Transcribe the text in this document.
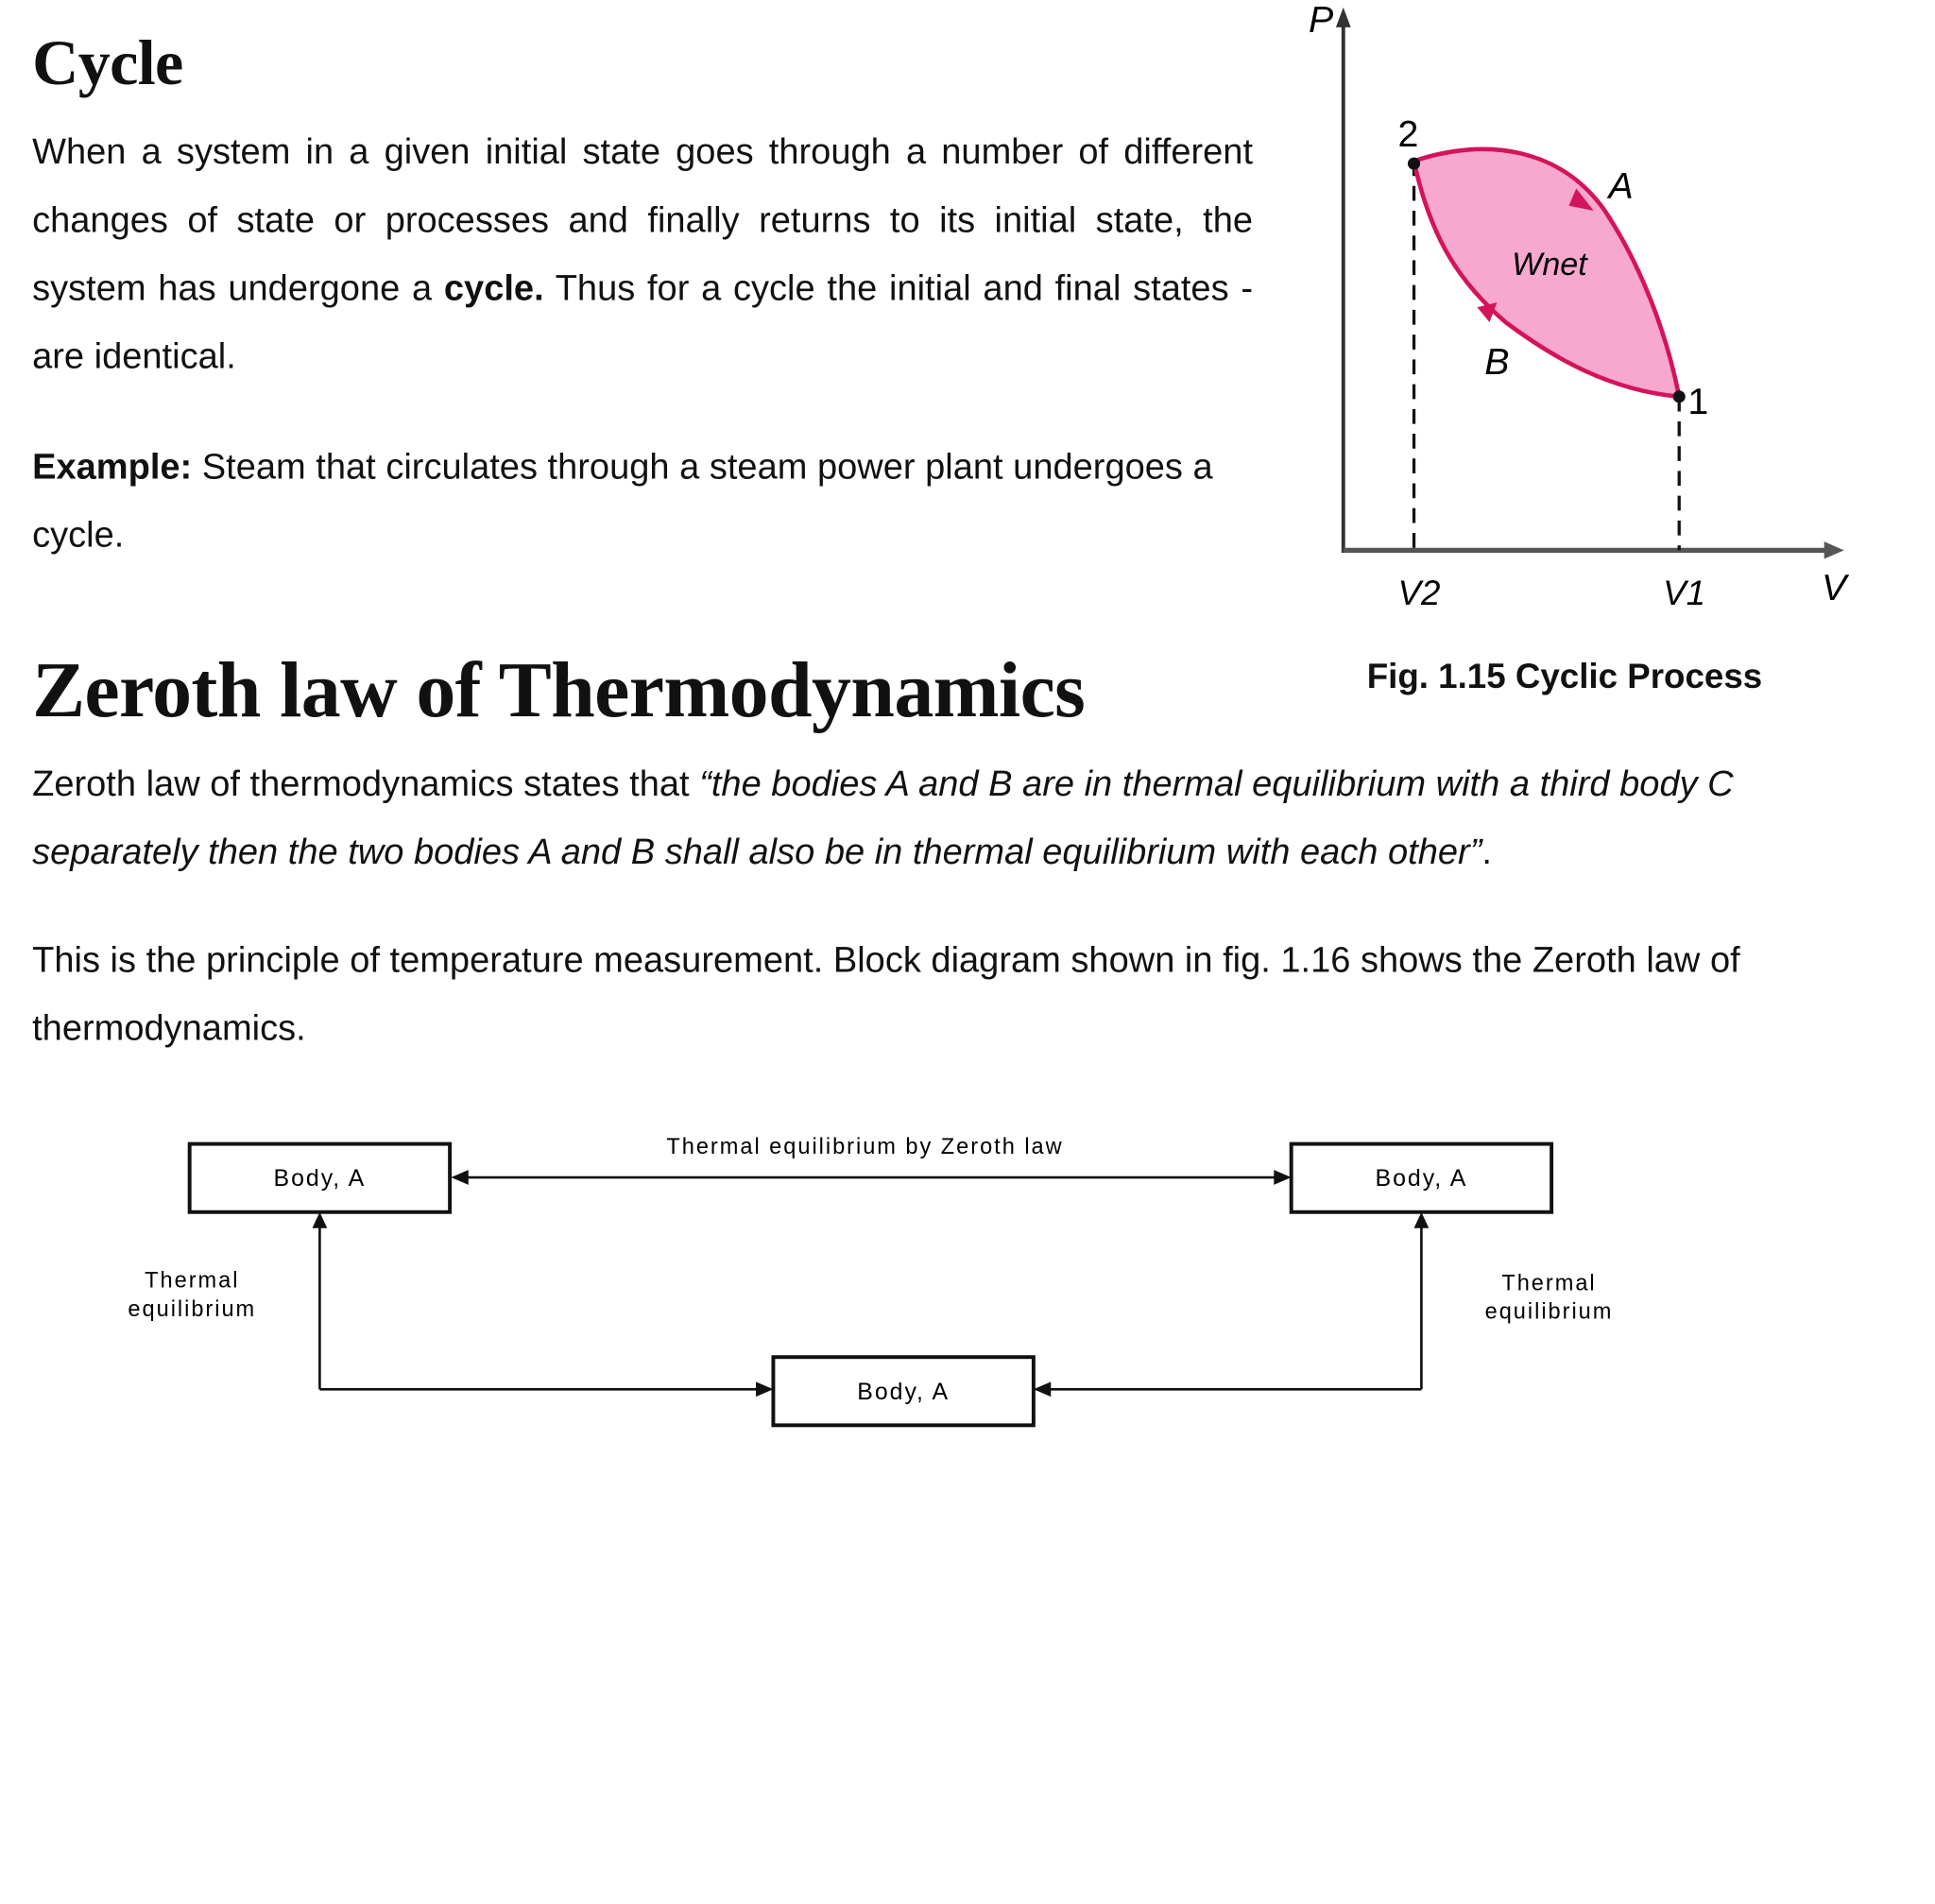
Cycle

When a system in a given initial state goes through a number of different changes of state or processes and finally returns to its initial state, the system has undergone a cycle. Thus for a cycle the initial and final states -are identical.

Example: Steam that circulates through a steam power plant undergoes a cycle.

P
V
2
1
A
B
Wnet
V2	V1
Fig. 1.15 Cyclic Process
Zeroth law of Thermodynamics

Zeroth law of thermodynamics states that “the bodies A and B are in thermal equilibrium with a third body C separately then the two bodies A and B shall also be in thermal equilibrium with each other”.

This is the principle of temperature measurement. Block diagram shown in fig. 1.16 shows the Zeroth law of thermodynamics.

Body, A	Body, A
Body, A
Thermal equilibrium by Zeroth law
Thermal
equilibrium
Thermal
equilibrium
